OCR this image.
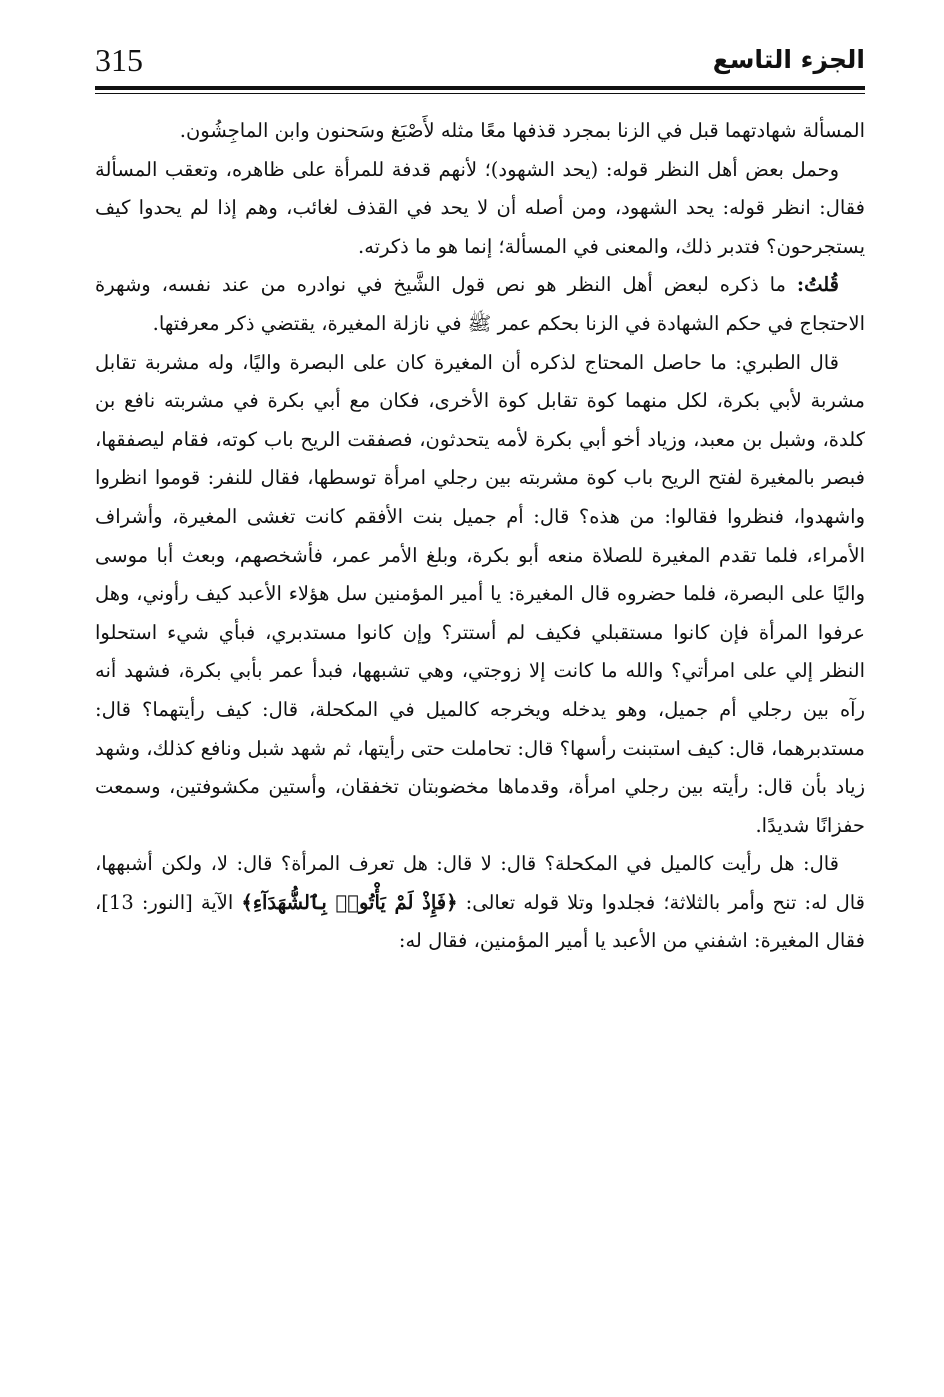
315	الجزء التاسع

المسألة شهادتهما قبل في الزنا بمجرد قذفها معًا مثله لأَصْبَغ وسَحنون وابن الماجِشُون.

وحمل بعض أهل النظر قوله: (يحد الشهود)؛ لأنهم قدفة للمرأة على ظاهره، وتعقب المسألة فقال: انظر قوله: يحد الشهود، ومن أصله أن لا يحد في القذف لغائب، وهم إذا لم يحدوا كيف يستجرحون؟ فتدبر ذلك، والمعنى في المسألة؛ إنما هو ما ذكرته.

قُلتُ: ما ذكره لبعض أهل النظر هو نص قول الشَّيخ في نوادره من عند نفسه، وشهرة الاحتجاج في حكم الشهادة في الزنا بحكم عمر ﷺ في نازلة المغيرة، يقتضي ذكر معرفتها.

قال الطبري: ما حاصل المحتاج لذكره أن المغيرة كان على البصرة واليًا، وله مشربة تقابل مشربة لأبي بكرة، لكل منهما كوة تقابل كوة الأخرى، فكان مع أبي بكرة في مشربته نافع بن كلدة، وشبل بن معبد، وزياد أخو أبي بكرة لأمه يتحدثون، فصفقت الريح باب كوته، فقام ليصفقها، فبصر بالمغيرة لفتح الريح باب كوة مشربته بين رجلي امرأة توسطها، فقال للنفر: قوموا انظروا واشهدوا، فنظروا فقالوا: من هذه؟ قال: أم جميل بنت الأفقم كانت تغشى المغيرة، وأشراف الأمراء، فلما تقدم المغيرة للصلاة منعه أبو بكرة، وبلغ الأمر عمر، فأشخصهم، وبعث أبا موسى واليًا على البصرة، فلما حضروه قال المغيرة: يا أمير المؤمنين سل هؤلاء الأعبد كيف رأوني، وهل عرفوا المرأة فإن كانوا مستقبلي فكيف لم أستتر؟ وإن كانوا مستدبري، فبأي شيء استحلوا النظر إلي على امرأتي؟ والله ما كانت إلا زوجتي، وهي تشبهها، فبدأ عمر بأبي بكرة، فشهد أنه رآه بين رجلي أم جميل، وهو يدخله ويخرجه كالميل في المكحلة، قال: كيف رأيتهما؟ قال: مستدبرهما، قال: كيف استبنت رأسها؟ قال: تحاملت حتى رأيتها، ثم شهد شبل ونافع كذلك، وشهد زياد بأن قال: رأيته بين رجلي امرأة، وقدماها مخضوبتان تخفقان، وأستين مكشوفتين، وسمعت حفزانًا شديدًا.

قال: هل رأيت كالميل في المكحلة؟ قال: لا قال: هل تعرف المرأة؟ قال: لا، ولكن أشبهها، قال له: تنح وأمر بالثلاثة؛ فجلدوا وتلا قوله تعالى: ﴿فَإِذْ لَمْ يَأْتُوا۟ بِٱلشُّهَدَآءِ﴾ الآية [النور: 13]، فقال المغيرة: اشفني من الأعبد يا أمير المؤمنين، فقال له:
